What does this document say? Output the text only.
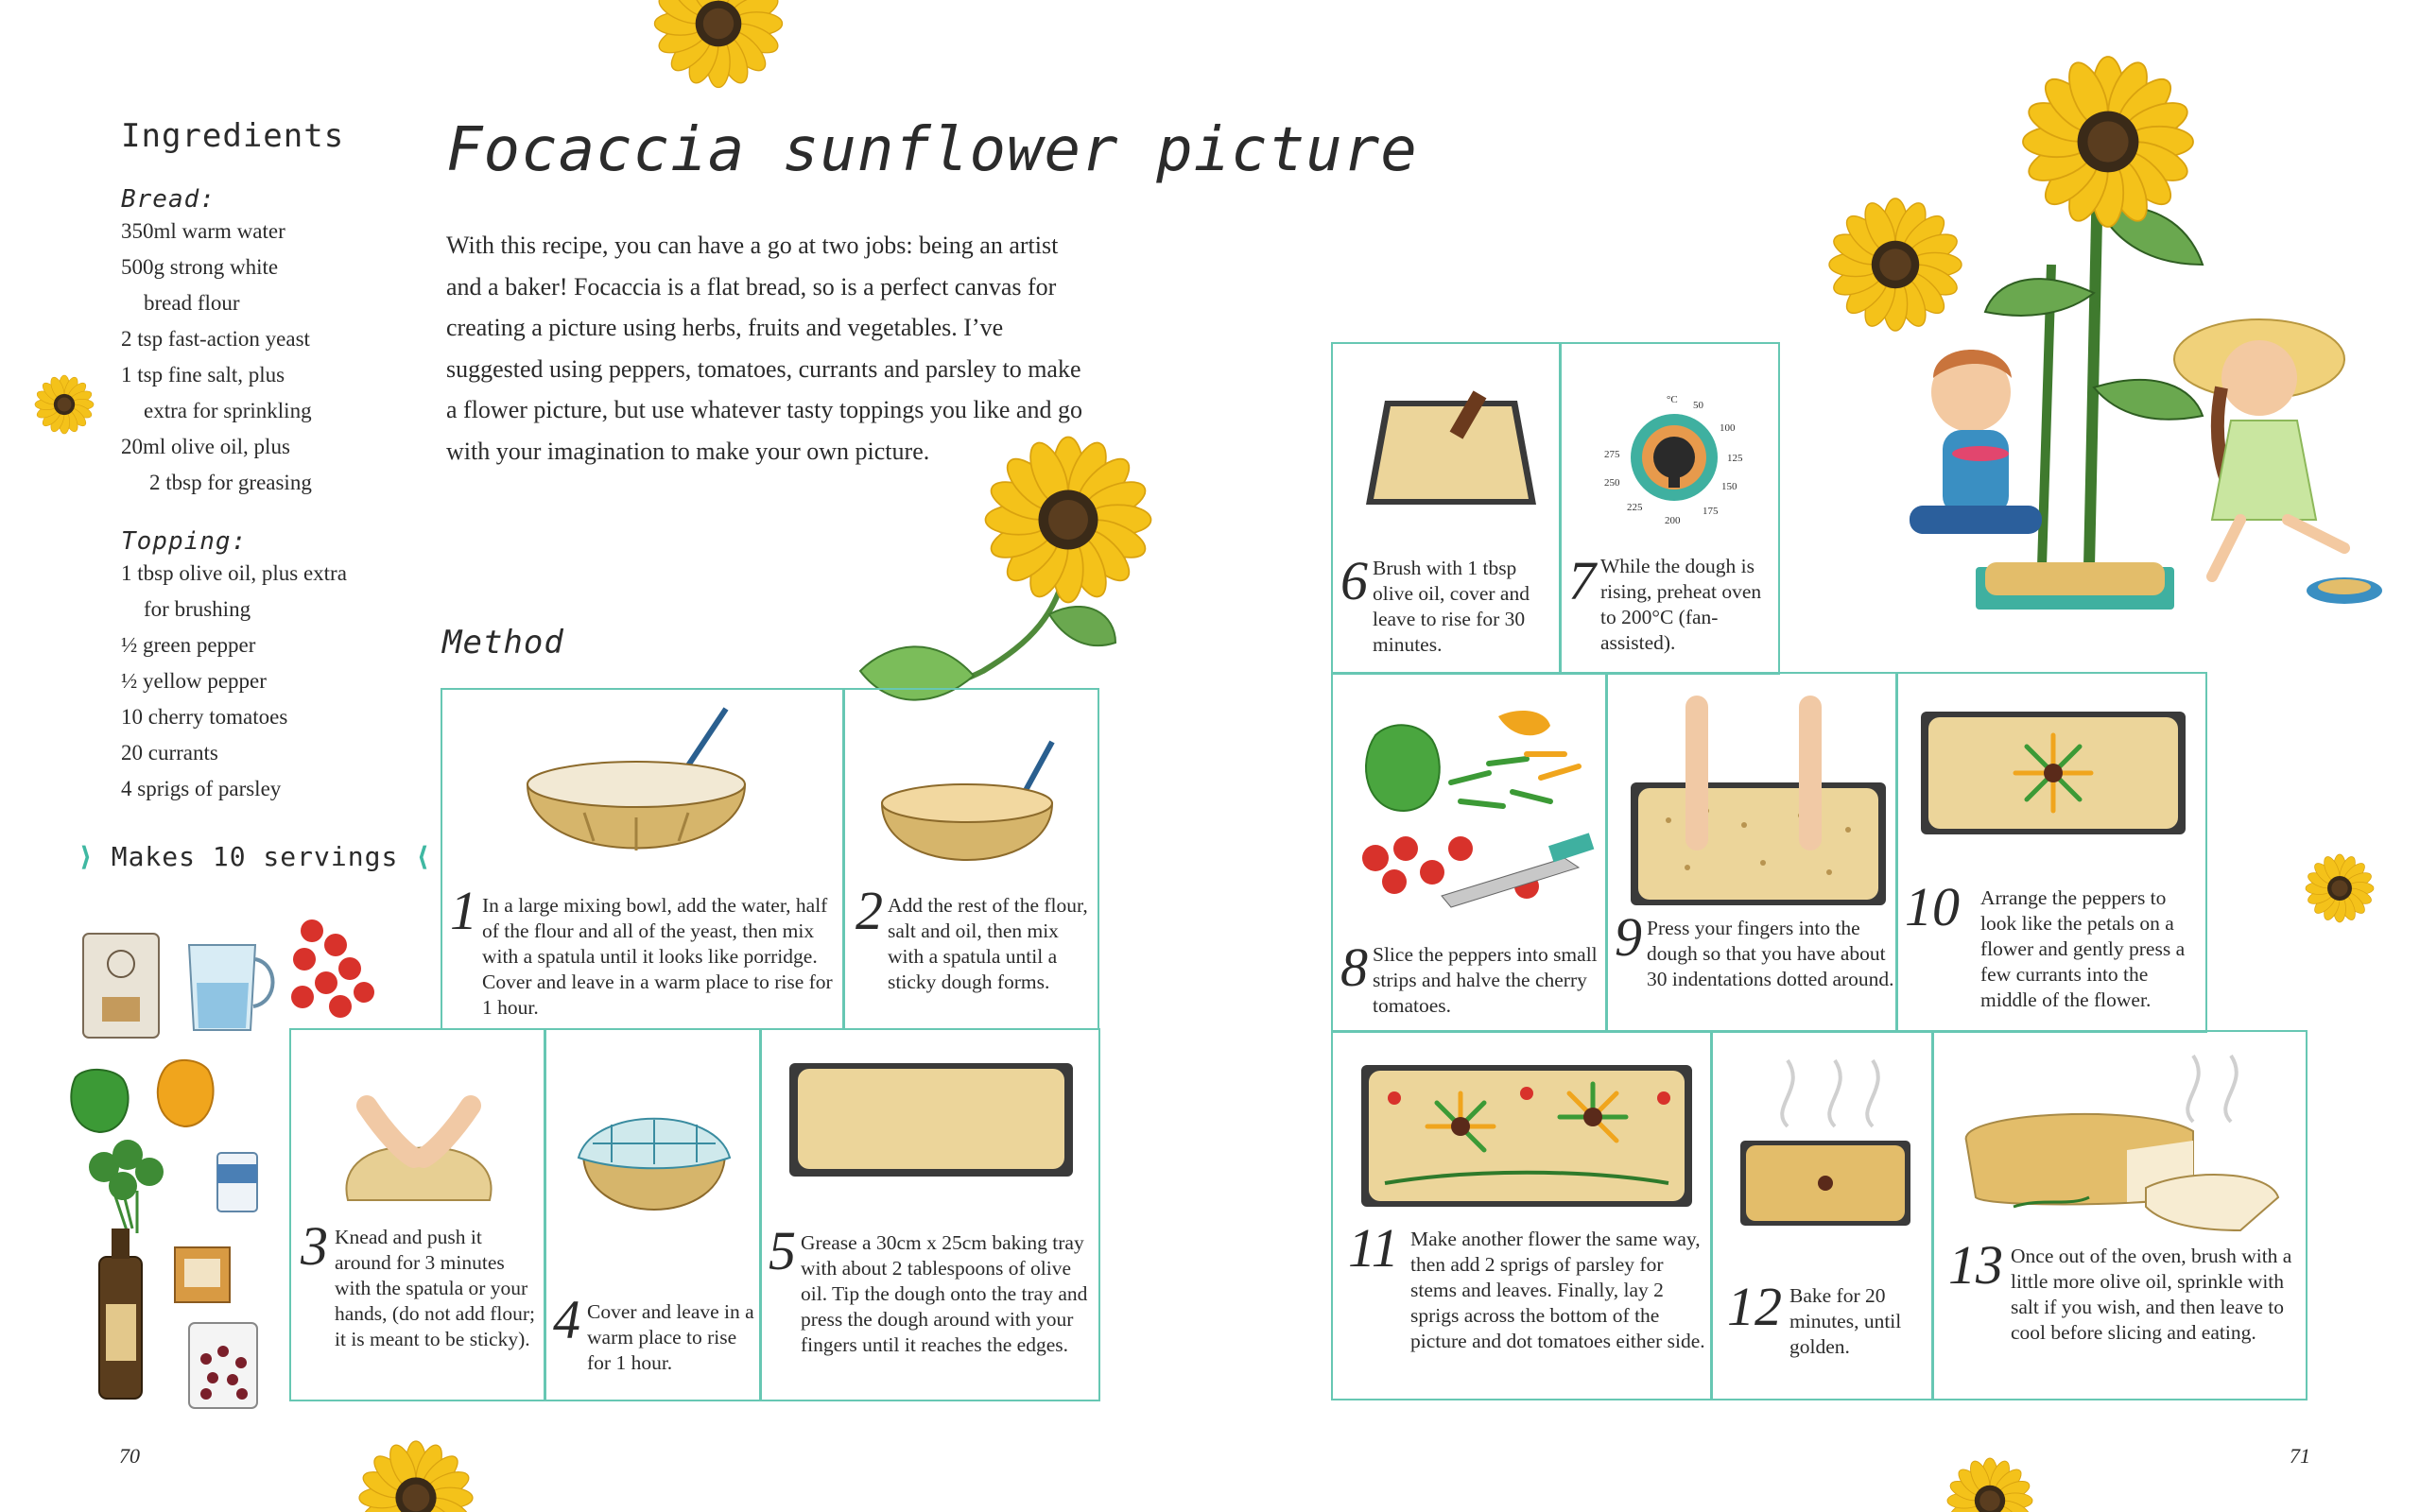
Ingredients
Bread:
350ml warm water
500g strong white
bread flour
2 tsp fast-action yeast
1 tsp fine salt, plus
extra for sprinkling
20ml olive oil, plus
2 tbsp for greasing
Topping:
1 tbsp olive oil, plus extra
for brushing
½ green pepper
½ yellow pepper
10 cherry tomatoes
20 currants
4 sprigs of parsley
⟩ Makes 10 servings ⟨
Focaccia sunflower picture
With this recipe, you can have a go at two jobs: being an artist and a baker! Focaccia is a flat bread, so is a perfect canvas for creating a picture using herbs, fruits and vegetables. I’ve suggested using peppers, tomatoes, currants and parsley to make a flower picture, but use whatever tasty toppings you like and go with your imagination to make your own picture.
Method
1 In a large mixing bowl, add the water, half of the flour and all of the yeast, then mix with a spatula until it looks like porridge. Cover and leave in a warm place to rise for 1 hour.
2 Add the rest of the flour, salt and oil, then mix with a spatula until a sticky dough forms.
3 Knead and push it around for 3 minutes with the spatula or your hands, (do not add flour; it is meant to be sticky). 4 Cover and leave in a warm place to rise for 1 hour.
5 Grease a 30cm x 25cm baking tray with about 2 tablespoons of olive oil. Tip the dough onto the tray and press the dough around with your fingers until it reaches the edges.
6 Brush with 1 tbsp olive oil, cover and leave to rise for 30 minutes.
°C 50
100
125
150
175
200
225
250
275
7 While the dough is rising, preheat oven to 200°C (fan-assisted).
8 Slice the peppers into small strips and halve the cherry tomatoes.
9 Press your fingers into the dough so that you have about 30 indentations dotted around.
10 Arrange the peppers to look like the petals on a flower and gently press a few currants into the middle of the flower.
11 Make another flower the same way, then add 2 sprigs of parsley for stems and leaves. Finally, lay 2 sprigs across the bottom of the picture and dot tomatoes either side.
12 Bake for 20 minutes, until golden.
13 Once out of the oven, brush with a little more olive oil, sprinkle with salt if you wish, and then leave to cool before slicing and eating.
70	71
